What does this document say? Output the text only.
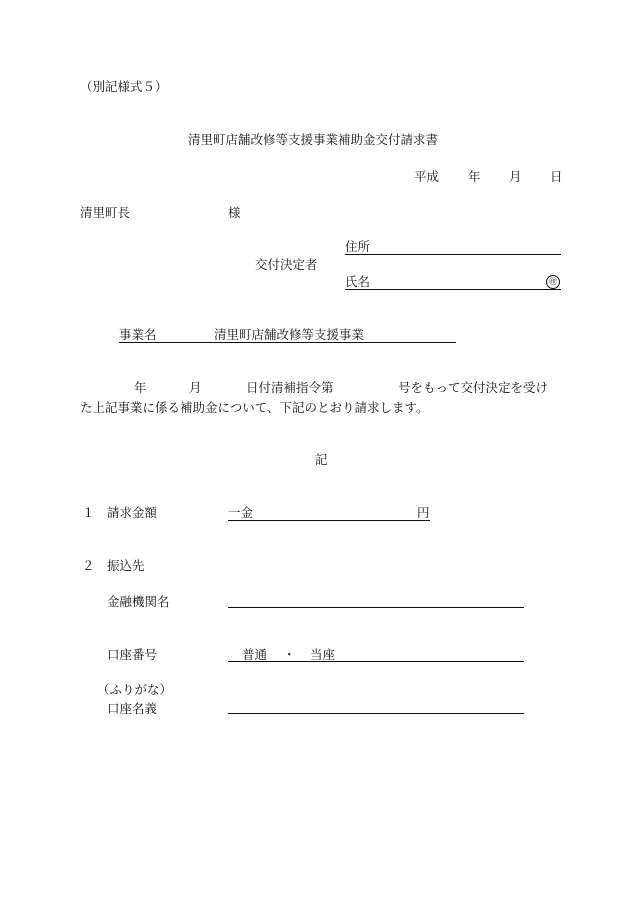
（別記様式５）
清里町店舗改修等支援事業補助金交付請求書
平成 年 月 日
清里町長	様
住所
交付決定者
氏名	㊞
事業名	清里町店舗改修等支援事業
年	月	日付清補指令第	号をもって交付決定を受け
た上記事業に係る補助金について、下記のとおり請求します。
記
１ 請求金額	一金	円
２ 振込先
金融機関名
口座番号	普通 ・ 当座
（ふりがな）
口座名義
